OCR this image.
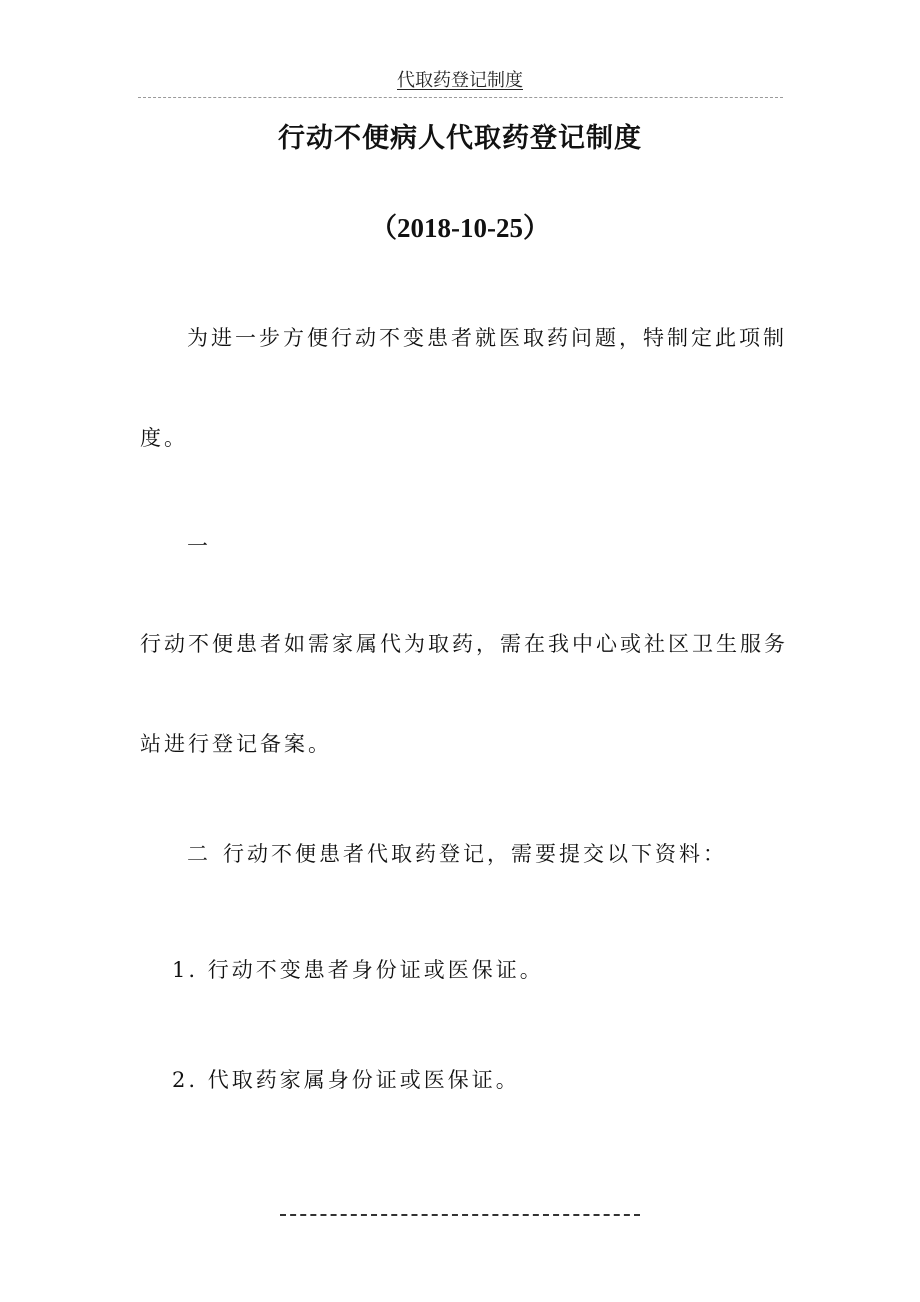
代取药登记制度
行动不便病人代取药登记制度
（2018-10-25）
为进一步方便行动不变患者就医取药问题，特制定此项制
度。
一
行动不便患者如需家属代为取药，需在我中心或社区卫生服务
站进行登记备案。
二 行动不便患者代取药登记，需要提交以下资料：
1. 行动不变患者身份证或医保证。
2. 代取药家属身份证或医保证。
